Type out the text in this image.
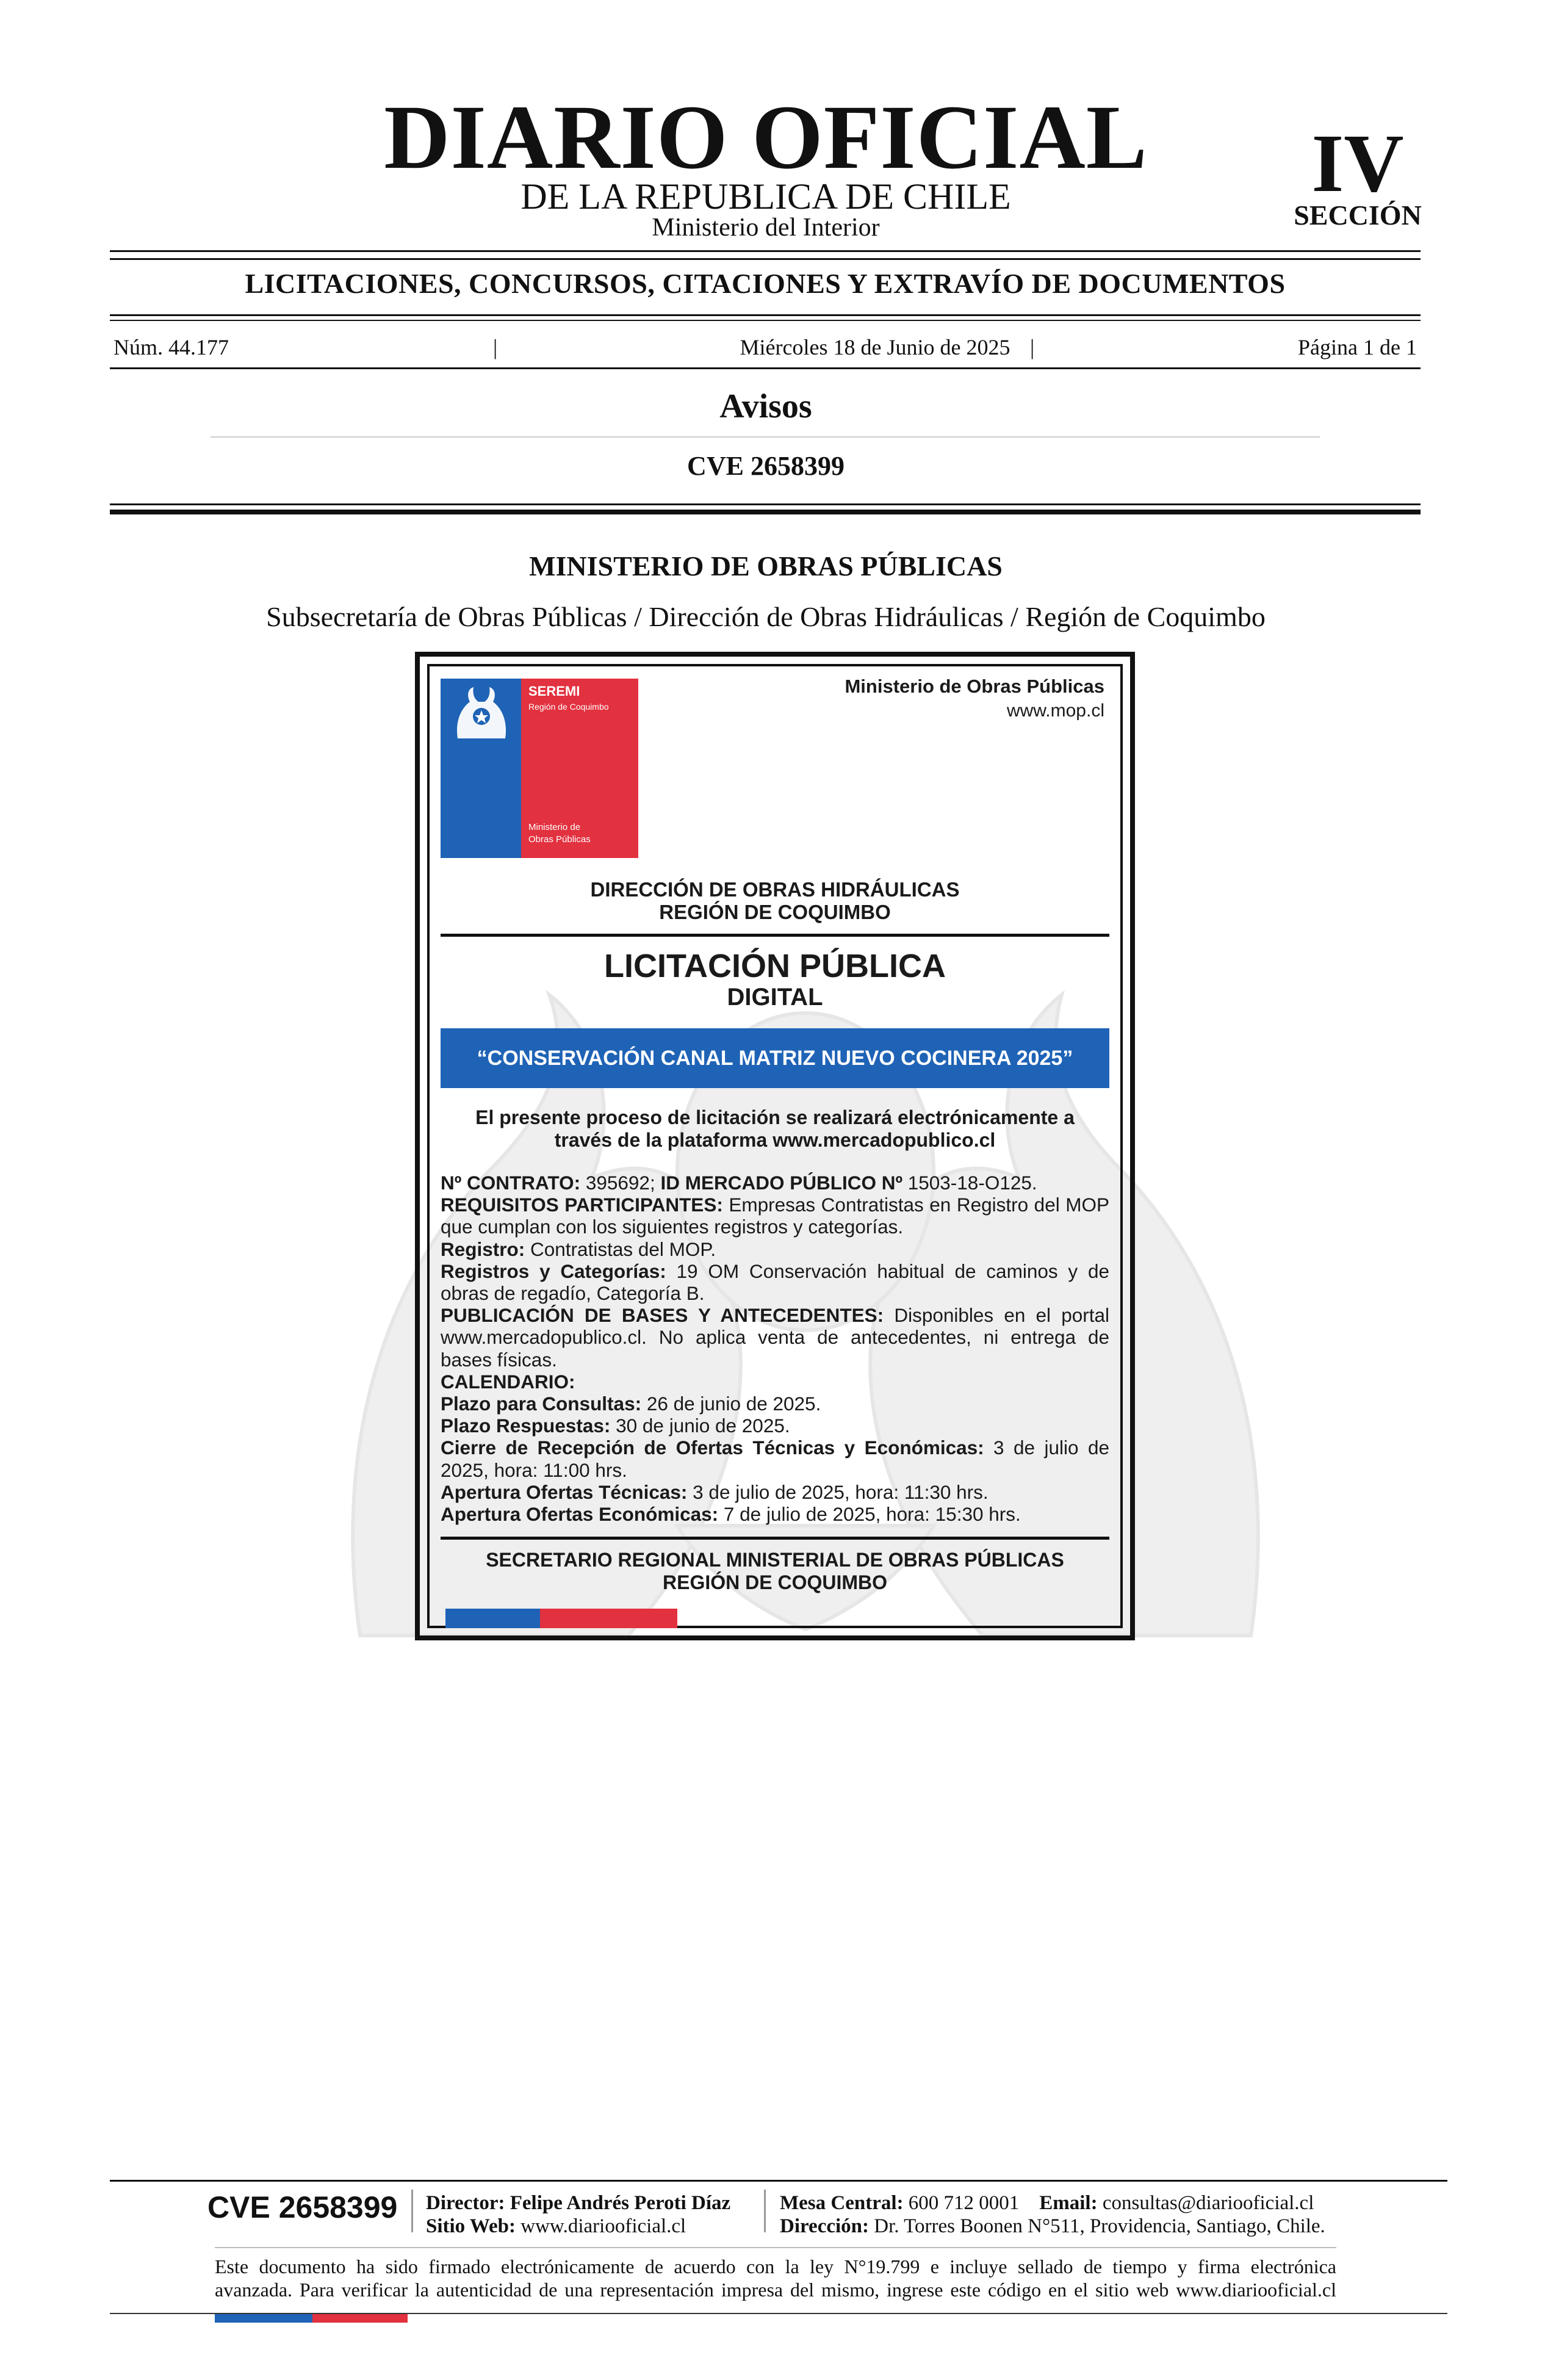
DIARIO OFICIAL
DE LA REPUBLICA DE CHILE
Ministerio del Interior
IV
SECCIÓN
LICITACIONES, CONCURSOS, CITACIONES Y EXTRAVÍO DE DOCUMENTOS
Núm. 44.177	|	Miércoles 18 de Junio de 2025 |	Página 1 de 1
Avisos
CVE 2658399
MINISTERIO DE OBRAS PÚBLICAS
Subsecretaría de Obras Públicas / Dirección de Obras Hidráulicas / Región de Coquimbo
SEREMI
Región de Coquimbo
Ministerio de
Obras Públicas
Ministerio de Obras Públicas
www.mop.cl
DIRECCIÓN DE OBRAS HIDRÁULICAS
REGIÓN DE COQUIMBO
LICITACIÓN PÚBLICA
DIGITAL
“CONSERVACIÓN CANAL MATRIZ NUEVO COCINERA 2025”
El presente proceso de licitación se realizará electrónicamente a
través de la plataforma www.mercadopublico.cl

Nº CONTRATO: 395692; ID MERCADO PÚBLICO Nº 1503-18-O125.

REQUISITOS PARTICIPANTES: Empresas Contratistas en Registro del MOP que cumplan con los siguientes registros y categorías.

Registro: Contratistas del MOP.

Registros y Categorías: 19 OM Conservación habitual de caminos y de obras de regadío, Categoría B.

PUBLICACIÓN DE BASES Y ANTECEDENTES: Disponibles en el portal www.mercadopublico.cl. No aplica venta de antecedentes, ni entrega de bases físicas.

CALENDARIO:

Plazo para Consultas: 26 de junio de 2025.

Plazo Respuestas: 30 de junio de 2025.

Cierre de Recepción de Ofertas Técnicas y Económicas: 3 de julio de 2025, hora: 11:00 hrs.

Apertura Ofertas Técnicas: 3 de julio de 2025, hora: 11:30 hrs.

Apertura Ofertas Económicas: 7 de julio de 2025, hora: 15:30 hrs.

SECRETARIO REGIONAL MINISTERIAL DE OBRAS PÚBLICAS
REGIÓN DE COQUIMBO
CVE 2658399 Director: Felipe Andrés Peroti Díaz
Sitio Web: www.diariooficial.cl
Mesa Central: 600 712 0001 Email: consultas@diariooficial.cl
Dirección: Dr. Torres Boonen N°511, Providencia, Santiago, Chile.
Este documento ha sido firmado electrónicamente de acuerdo con la ley N°19.799 e incluye sellado de tiempo y firma electrónica
avanzada. Para verificar la autenticidad de una representación impresa del mismo, ingrese este código en el sitio web www.diariooficial.cl
